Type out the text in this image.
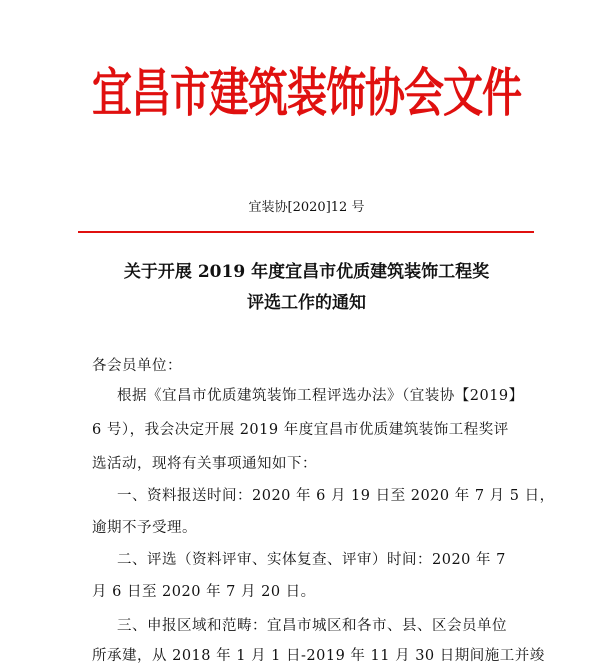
宜昌市建筑装饰协会文件
宜装协[2020]12 号
关于开展 2019 年度宜昌市优质建筑装饰工程奖
评选工作的通知
各会员单位：
根据《宜昌市优质建筑装饰工程评选办法》（宜装协【2019】
6 号），我会决定开展 2019 年度宜昌市优质建筑装饰工程奖评
选活动，现将有关事项通知如下：
一、资料报送时间：2020 年 6 月 19 日至 2020 年 7 月 5 日，
逾期不予受理。
二、评选（资料评审、实体复查、评审）时间：2020 年 7
月 6 日至 2020 年 7 月 20 日。
三、申报区域和范畴：宜昌市城区和各市、县、区会员单位
所承建，从 2018 年 1 月 1 日-2019 年 11 月 30 日期间施工并竣
